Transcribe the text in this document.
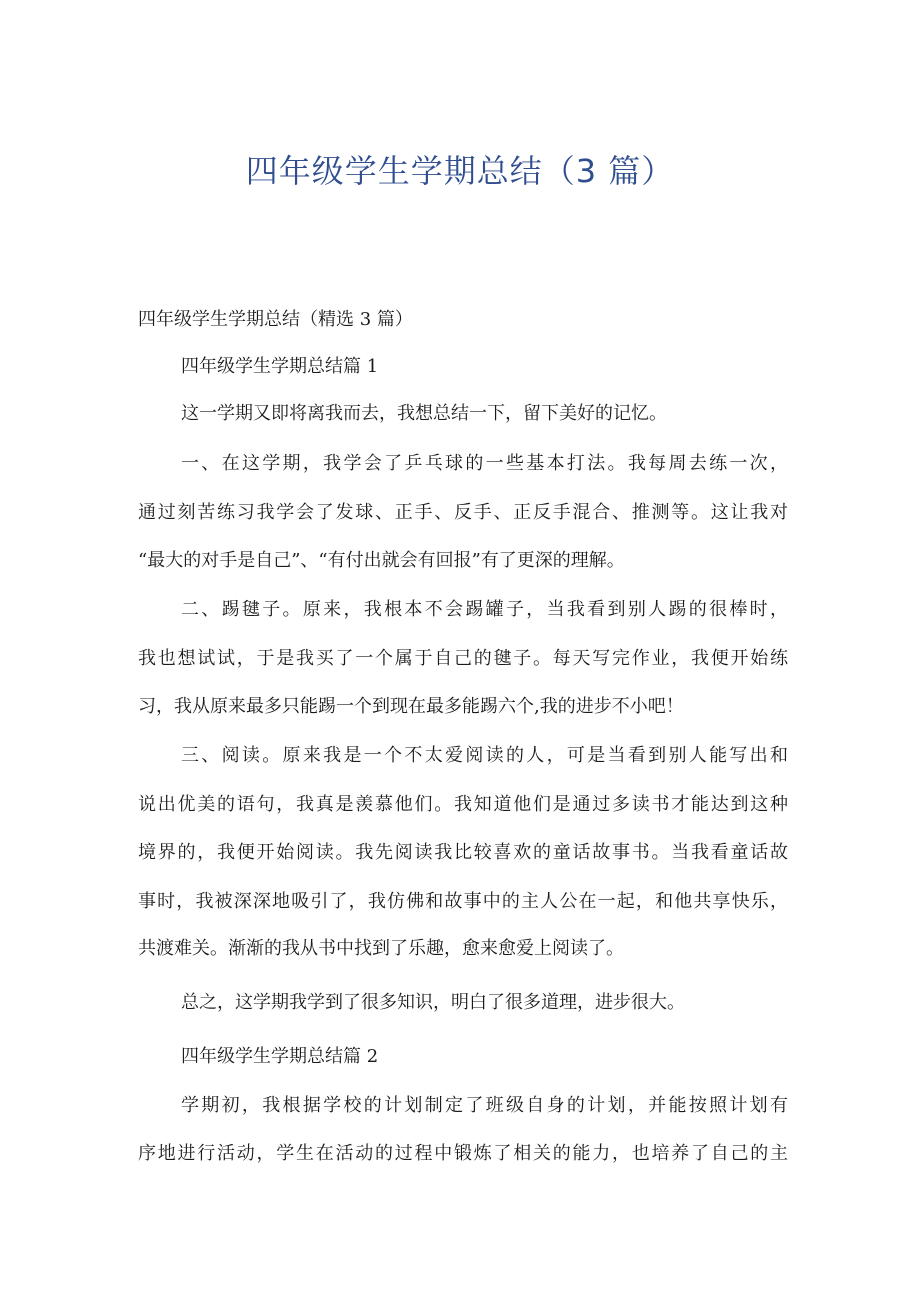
四年级学生学期总结（3 篇）

四年级学生学期总结（精选 3 篇）

四年级学生学期总结篇 1

这一学期又即将离我而去，我想总结一下，留下美好的记忆。

一、在这学期，我学会了乒乓球的一些基本打法。我每周去练一次，

通过刻苦练习我学会了发球、正手、反手、正反手混合、推测等。这让我对

“最大的对手是自己”、“有付出就会有回报”有了更深的理解。

二、踢毽子。原来，我根本不会踢罐子，当我看到别人踢的很棒时，

我也想试试，于是我买了一个属于自己的毽子。每天写完作业，我便开始练

习，我从原来最多只能踢一个到现在最多能踢六个,我的进步不小吧！

三、阅读。原来我是一个不太爱阅读的人，可是当看到别人能写出和

说出优美的语句，我真是羡慕他们。我知道他们是通过多读书才能达到这种

境界的，我便开始阅读。我先阅读我比较喜欢的童话故事书。当我看童话故

事时，我被深深地吸引了，我仿佛和故事中的主人公在一起，和他共享快乐，

共渡难关。渐渐的我从书中找到了乐趣，愈来愈爱上阅读了。

总之，这学期我学到了很多知识，明白了很多道理，进步很大。

四年级学生学期总结篇 2

学期初，我根据学校的计划制定了班级自身的计划，并能按照计划有

序地进行活动，学生在活动的过程中锻炼了相关的能力，也培养了自己的主
